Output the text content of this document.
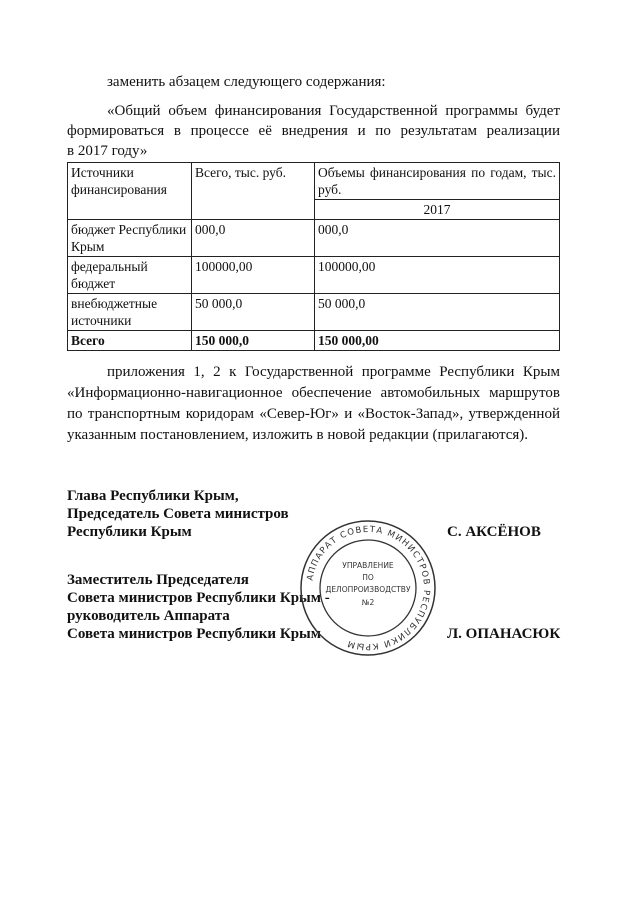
заменить абзацем следующего содержания:

«Общий объем финансирования Государственной программы будет

формироваться в процессе её внедрения и по результатам реализации

в 2017 году»

Источники финансирования	Всего, тыс. руб.	Объемы финансирования по годам, тыс. руб.
		2017
бюджет Республики Крым	000,0	000,0
федеральный бюджет	100000,00	100000,00
внебюджетные источники	50 000,0	50 000,0
Всего	150 000,0	150 000,00

приложения 1, 2 к Государственной программе Республики Крым

«Информационно-навигационное обеспечение автомобильных маршрутов

по транспортным коридорам «Север-Юг» и «Восток-Запад», утвержденной

указанным постановлением, изложить в новой редакции (прилагаются).

Глава Республики Крым,
Председатель Совета министров
Республики Крым	С. АКСЁНОВ
Заместитель Председателя
Совета министров Республики Крым -
руководитель Аппарата
Совета министров Республики Крым	Л. ОПАНАСЮК
АППАРАТ СОВЕТА МИНИСТРОВ РЕСПУБЛИКИ КРЫМ
УПРАВЛЕНИЕ
ПО
ДЕЛОПРОИЗВОДСТВУ
№2
